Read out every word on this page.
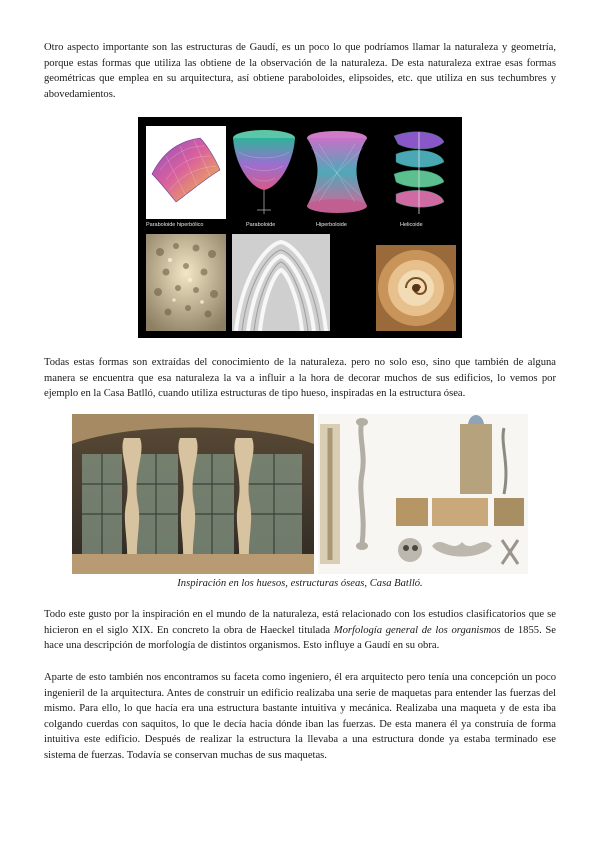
Otro aspecto importante son las estructuras de Gaudí, es un poco lo que podríamos llamar la naturaleza y geometría, porque estas formas que utiliza las obtiene de la observación de la naturaleza. De esta naturaleza extrae esas formas geométricas que emplea en su arquitectura, así obtiene paraboloides, elipsoides, etc. que utiliza en sus techumbres y abovedamientos.

Paraboloide hiperbólico	Paraboloide	Hiperboloide	Helicoide

Todas estas formas son extraídas del conocimiento de la naturaleza. pero no solo eso, sino que también de alguna manera se encuentra que esa naturaleza la va a influir a la hora de decorar muchos de sus edificios, lo vemos por ejemplo en la Casa Batlló, cuando utiliza estructuras de tipo hueso, inspiradas en la estructura ósea.

Inspiración en los huesos, estructuras óseas, Casa Batlló.

Todo este gusto por la inspiración en el mundo de la naturaleza, está relacionado con los estudios clasificatorios que se hicieron en el siglo XIX. En concreto la obra de Haeckel titulada Morfología general de los organismos de 1855. Se hace una descripción de morfología de distintos organismos. Esto influye a Gaudí en su obra.

Aparte de esto también nos encontramos su faceta como ingeniero, él era arquitecto pero tenía una concepción un poco ingenieril de la arquitectura. Antes de construir un edificio realizaba una serie de maquetas para entender las fuerzas del mismo. Para ello, lo que hacía era una estructura bastante intuitiva y mecánica. Realizaba una maqueta y de esta iba colgando cuerdas con saquitos, lo que le decía hacia dónde iban las fuerzas. De esta manera él ya construía de forma intuitiva este edificio. Después de realizar la estructura la llevaba a una estructura donde ya estaba terminado ese sistema de fuerzas. Todavía se conservan muchas de sus maquetas.
